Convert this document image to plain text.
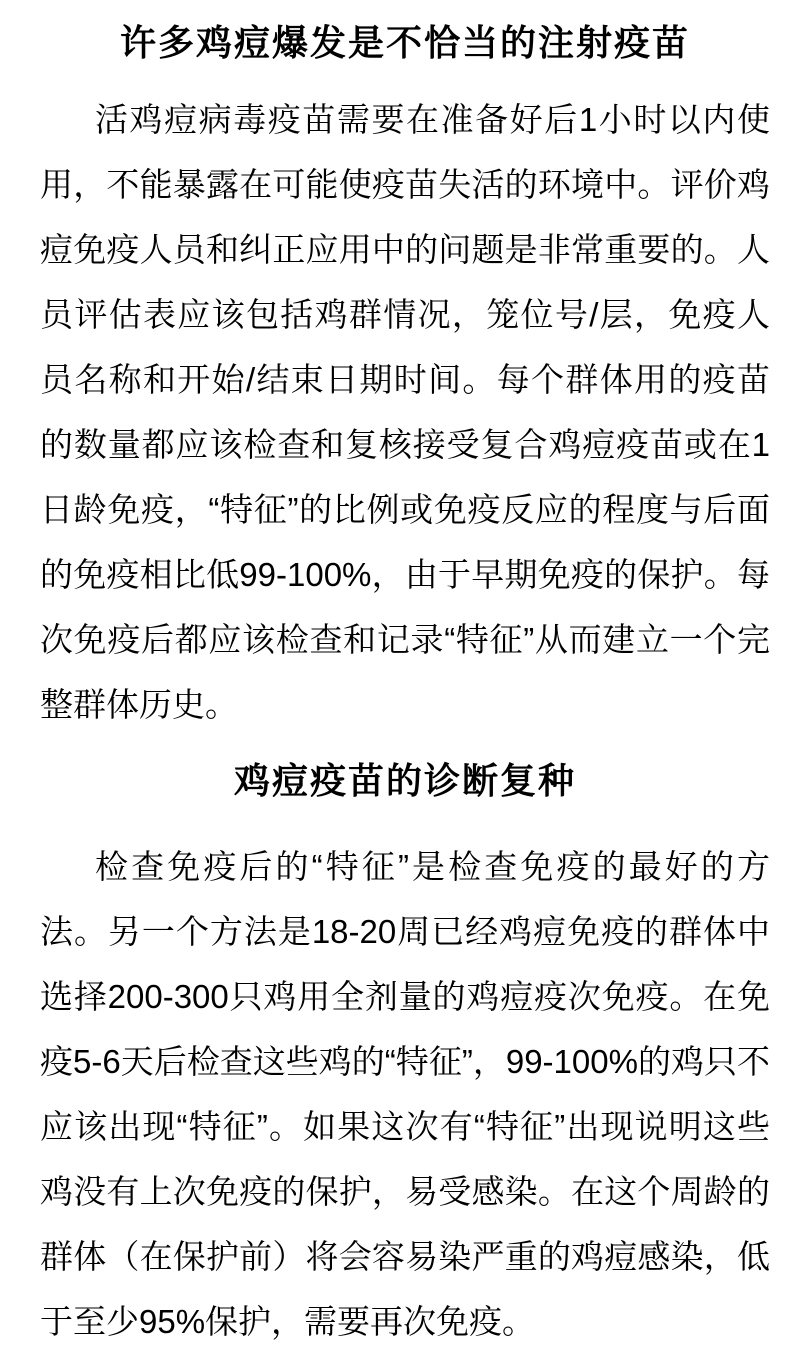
许多鸡痘爆发是不恰当的注射疫苗

活鸡痘病毒疫苗需要在准备好后1小时以内使用，不能暴露在可能使疫苗失活的环境中。评价鸡痘免疫人员和纠正应用中的问题是非常重要的。人员评估表应该包括鸡群情况，笼位号/层，免疫人员名称和开始/结束日期时间。每个群体用的疫苗的数量都应该检查和复核接受复合鸡痘疫苗或在1日龄免疫，“特征”的比例或免疫反应的程度与后面的免疫相比低99-100%，由于早期免疫的保护。每次免疫后都应该检查和记录“特征”从而建立一个完整群体历史。

鸡痘疫苗的诊断复种

检查免疫后的“特征”是检查免疫的最好的方法。另一个方法是18-20周已经鸡痘免疫的群体中选择200-300只鸡用全剂量的鸡痘疫次免疫。在免疫5-6天后检查这些鸡的“特征”，99-100%的鸡只不应该出现“特征”。如果这次有“特征”出现说明这些鸡没有上次免疫的保护，易受感染。在这个周龄的群体（在保护前）将会容易染严重的鸡痘感染，低于至少95%保护，需要再次免疫。
